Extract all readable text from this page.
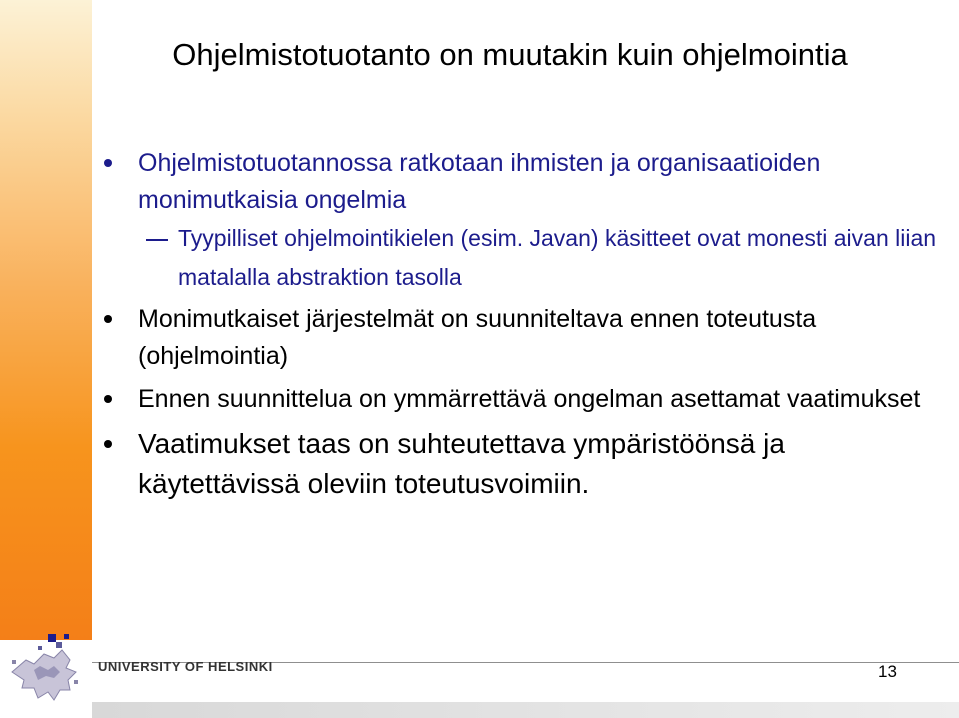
Ohjelmistotuotanto on muutakin kuin ohjelmointia
Ohjelmistotuotannossa ratkotaan ihmisten ja organisaatioiden monimutkaisia ongelmia
Tyypilliset ohjelmointikielen (esim. Javan) käsitteet ovat monesti aivan liian matalalla abstraktion tasolla
Monimutkaiset järjestelmät on suunniteltava ennen toteutusta (ohjelmointia)
Ennen suunnittelua on ymmärrettävä ongelman asettamat vaatimukset
Vaatimukset taas on suhteutettava ympäristöönsä ja käytettävissä oleviin toteutusvoimiin.
UNIVERSITY OF HELSINKI	13
